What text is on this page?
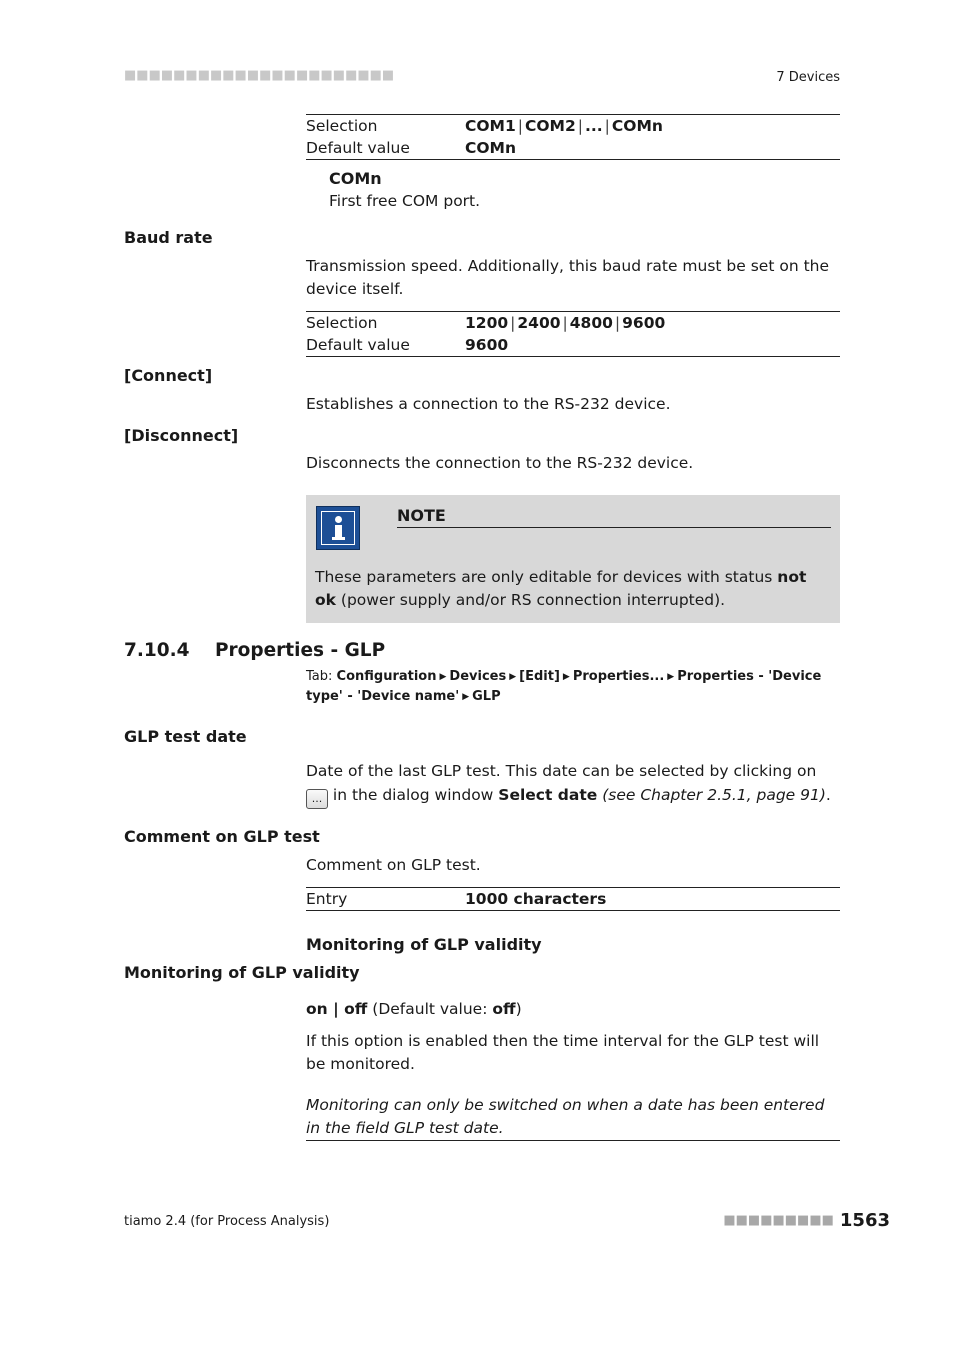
■■■■■■■■■■■■■■■■■■■■■■	7 Devices
Selection	COM1 | COM2 | ... | COMn
Default value	COMn
COMn
First free COM port.
Baud rate
Transmission speed. Additionally, this baud rate must be set on the device itself.
Selection	1200 | 2400 | 4800 | 9600
Default value	9600
[Connect]
Establishes a connection to the RS-232 device.
[Disconnect]
Disconnects the connection to the RS-232 device.
NOTE
These parameters are only editable for devices with status not ok (power supply and/or RS connection interrupted).
7.10.4 Properties - GLP
Tab: Configuration ▶ Devices ▶ [Edit] ▶ Properties... ▶ Properties - 'Device type' - 'Device name' ▶ GLP
GLP test date
Date of the last GLP test. This date can be selected by clicking on ... in the dialog window Select date (see Chapter 2.5.1, page 91).
Comment on GLP test
Comment on GLP test.
Entry	1000 characters
Monitoring of GLP validity
Monitoring of GLP validity
on | off (Default value: off)
If this option is enabled then the time interval for the GLP test will be monitored.
Monitoring can only be switched on when a date has been entered in the field GLP test date.
tiamo 2.4 (for Process Analysis)	■■■■■■■■■ 1563
